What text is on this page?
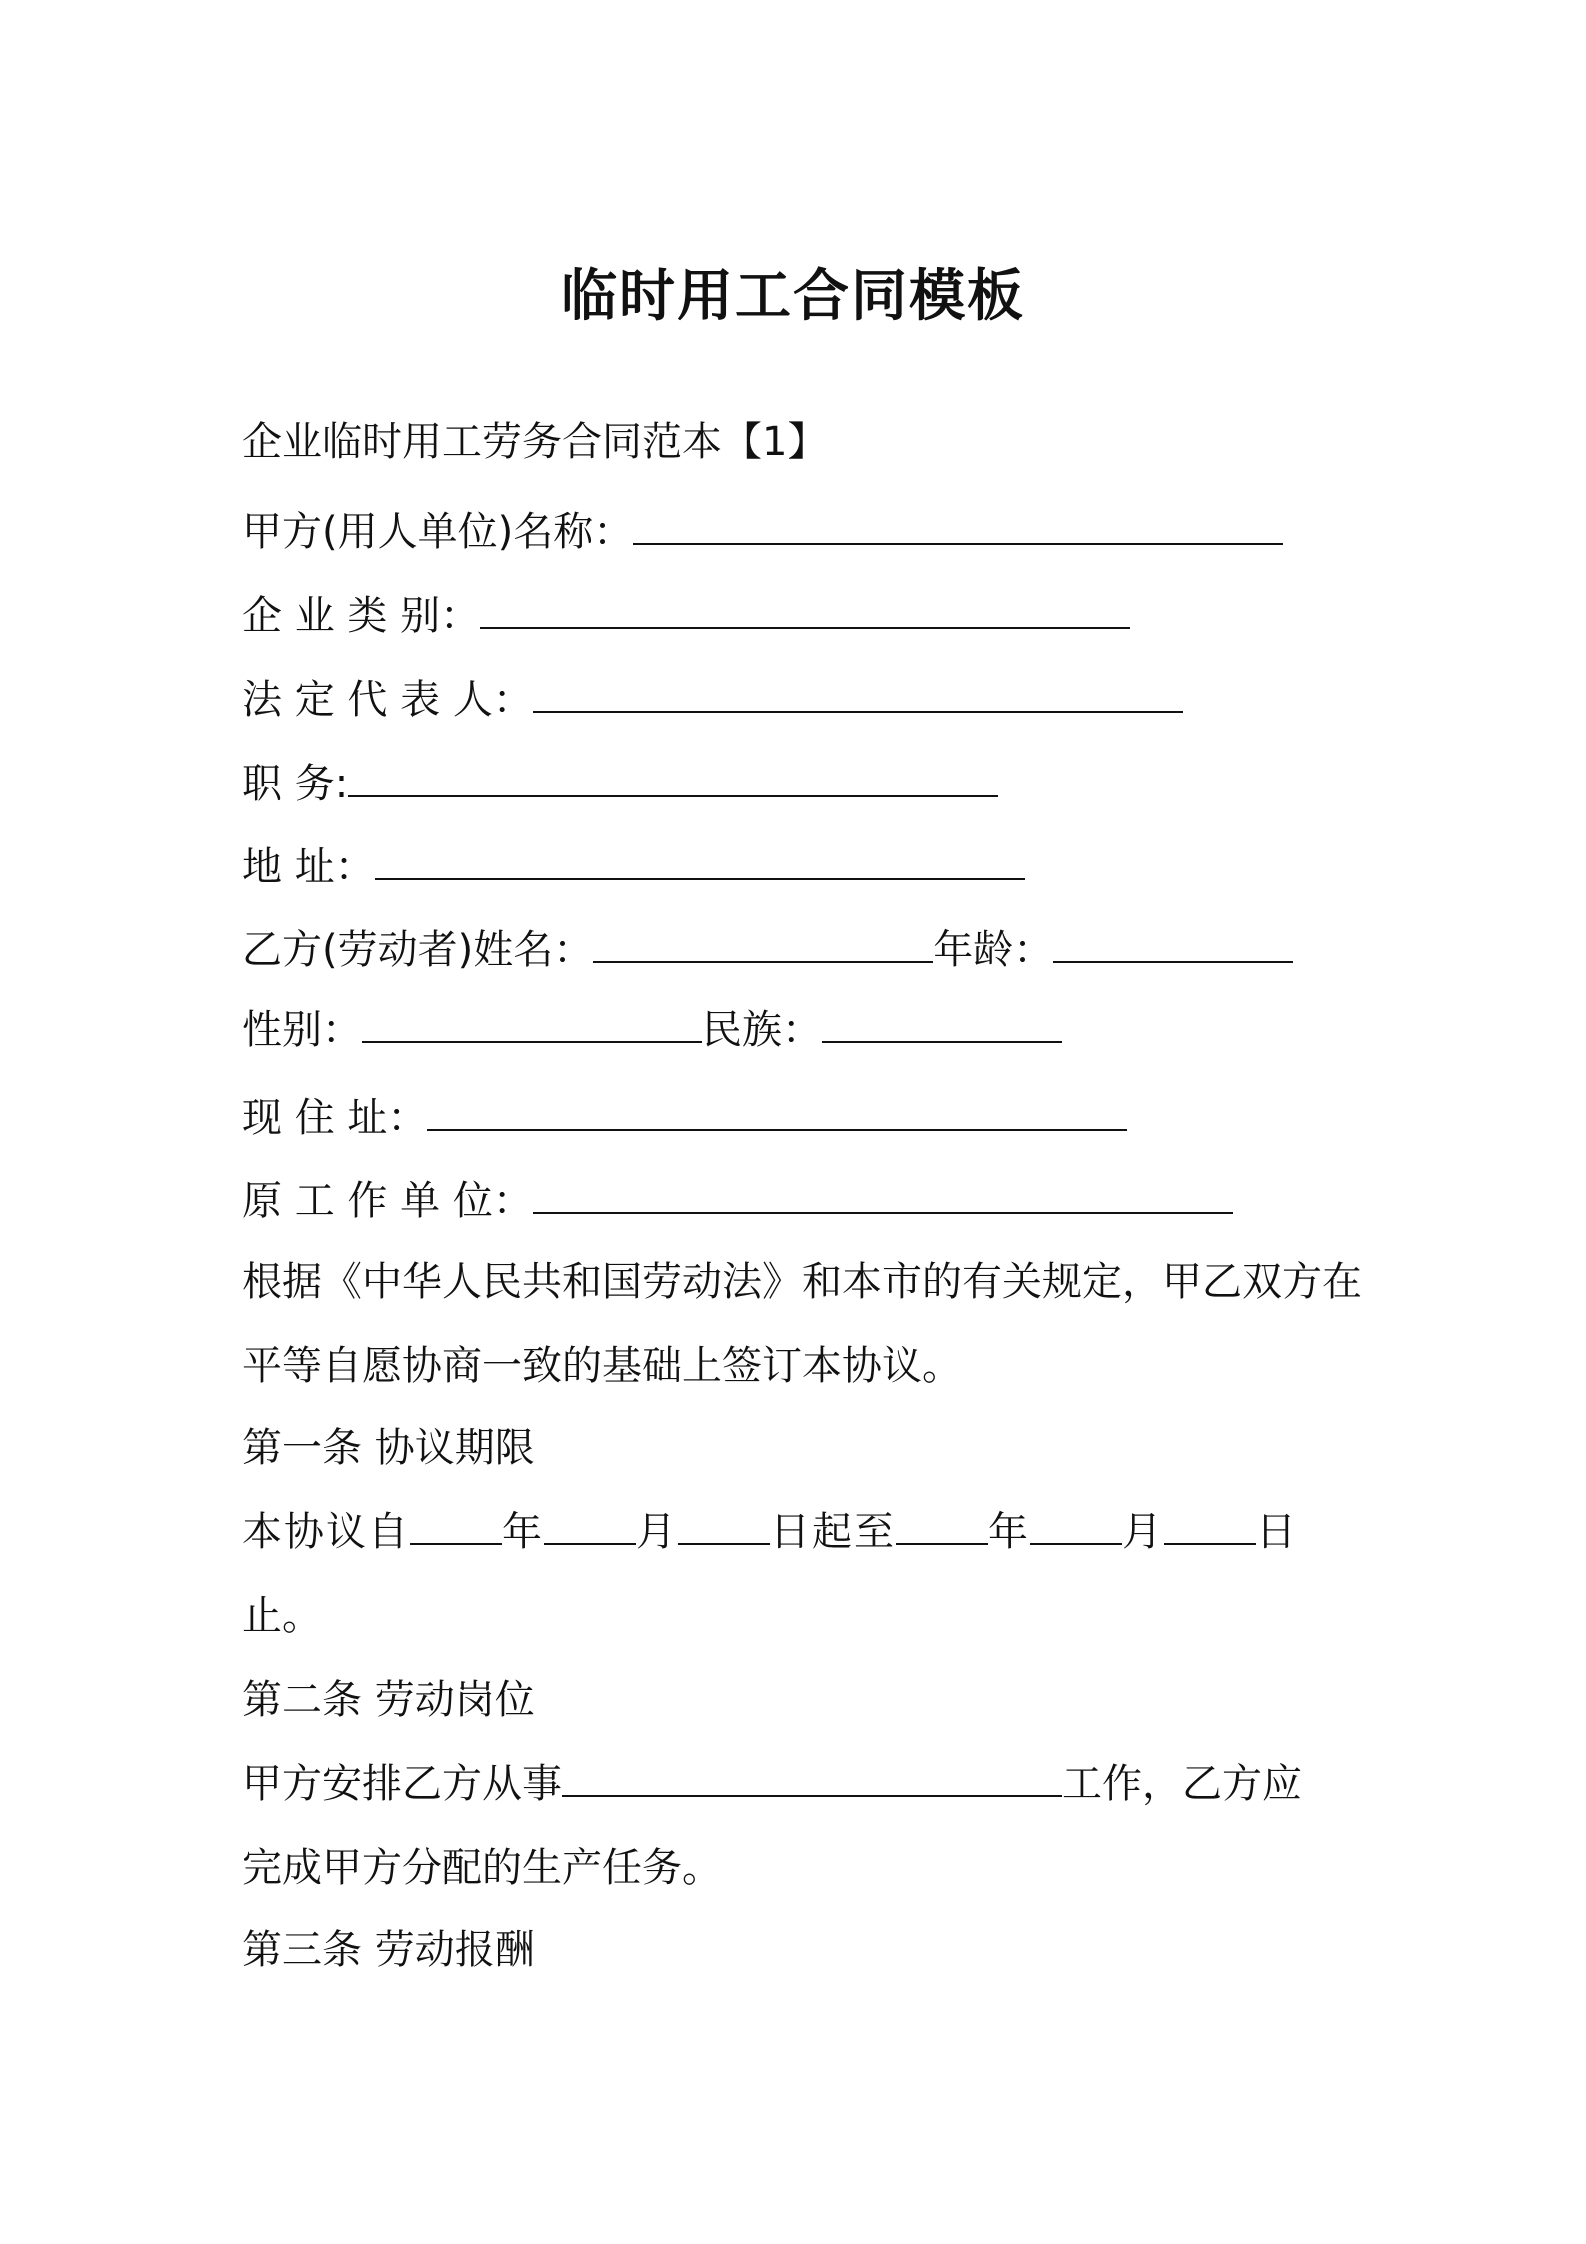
临时用工合同模板
企业临时用工劳务合同范本【1】
甲方(用人单位)名称：
企 业 类 别：
法 定 代 表 人：
职 务:
地 址：
乙方(劳动者)姓名：	年龄：
性别：	民族：
现 住 址：
原 工 作 单 位：
根据《中华人民共和国劳动法》和本市的有关规定，甲乙双方在平等自愿协商一致的基础上签订本协议。
第一条 协议期限
本协议自 年 月 日起至 年 月 日
止。
第二条 劳动岗位
甲方安排乙方从事	工作，乙方应
完成甲方分配的生产任务。
第三条 劳动报酬
